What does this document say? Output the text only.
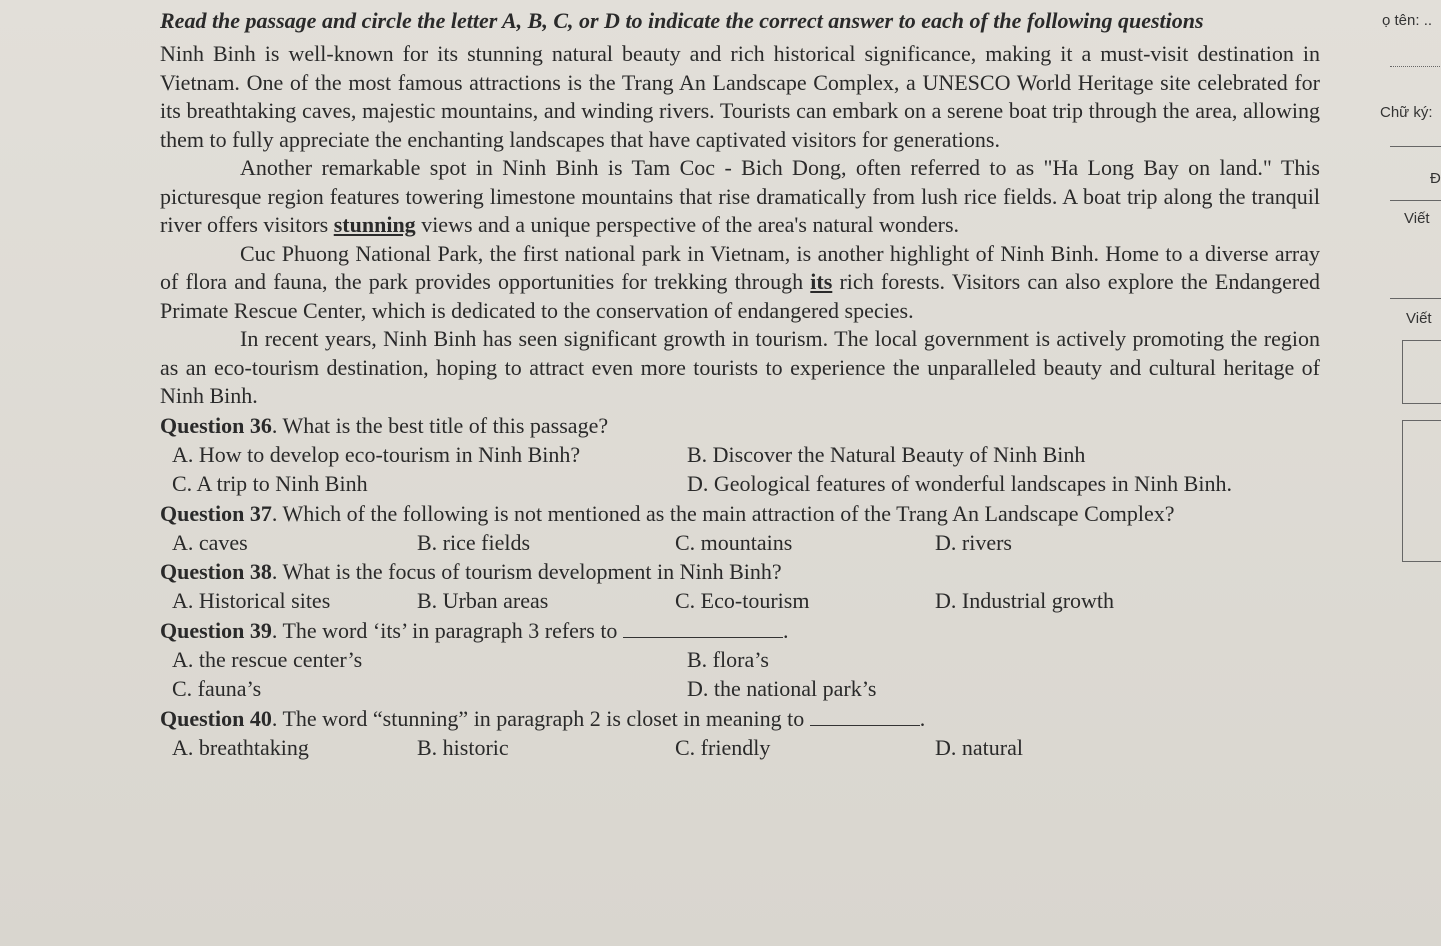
Read the passage and circle the letter A, B, C, or D to indicate the correct answer to each of the following questions

Ninh Binh is well-known for its stunning natural beauty and rich historical significance, making it a must-visit destination in Vietnam. One of the most famous attractions is the Trang An Landscape Complex, a UNESCO World Heritage site celebrated for its breathtaking caves, majestic mountains, and winding rivers. Tourists can embark on a serene boat trip through the area, allowing them to fully appreciate the enchanting landscapes that have captivated visitors for generations.

Another remarkable spot in Ninh Binh is Tam Coc - Bich Dong, often referred to as "Ha Long Bay on land." This picturesque region features towering limestone mountains that rise dramatically from lush rice fields. A boat trip along the tranquil river offers visitors stunning views and a unique perspective of the area's natural wonders.

Cuc Phuong National Park, the first national park in Vietnam, is another highlight of Ninh Binh. Home to a diverse array of flora and fauna, the park provides opportunities for trekking through its rich forests. Visitors can also explore the Endangered Primate Rescue Center, which is dedicated to the conservation of endangered species.

In recent years, Ninh Binh has seen significant growth in tourism. The local government is actively promoting the region as an eco-tourism destination, hoping to attract even more tourists to experience the unparalleled beauty and cultural heritage of Ninh Binh.

Question 36. What is the best title of this passage?

A. How to develop eco-tourism in Ninh Binh?	B. Discover the Natural Beauty of Ninh Binh
C. A trip to Ninh Binh	D. Geological features of wonderful landscapes in Ninh Binh.

Question 37. Which of the following is not mentioned as the main attraction of the Trang An Landscape Complex?

A. caves	B. rice fields	C. mountains	D. rivers

Question 38. What is the focus of tourism development in Ninh Binh?

A. Historical sites	B. Urban areas	C. Eco-tourism	D. Industrial growth

Question 39. The word ‘its’ in paragraph 3 refers to	.

A. the rescue center’s	B. flora’s
C. fauna’s	D. the national park’s

Question 40. The word “stunning” in paragraph 2 is closet in meaning to	.

A. breathtaking	B. historic	C. friendly	D. natural
ọ tên: ..
Chữ ký:
Đ
Viết
Viết
